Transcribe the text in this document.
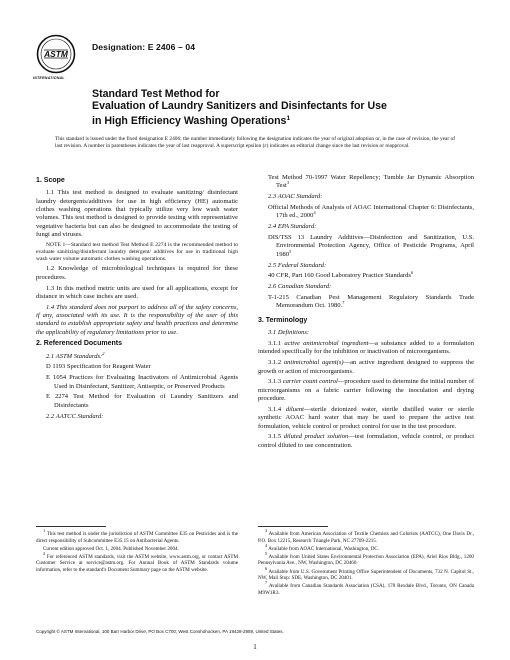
ASTM
INTERNATIONAL
Designation: E 2406 – 04
Standard Test Method for
Evaluation of Laundry Sanitizers and Disinfectants for Use
in High Efficiency Washing Operations$^1$
This standard is issued under the fixed designation E 2406; the number immediately following the designation indicates the year of original adoption or, in the case of revision, the year of last revision. A number in parentheses indicates the year of last reapproval. A superscript epsilon (ε) indicates an editorial change since the last revision or reapproval.

1. Scope

1.1 This test method is designed to evaluate sanitizing/ disinfectant laundry detergents/additives for use in high efficiency (HE) automatic clothes washing operations that typically utilize very low wash water volumes. This test method is designed to provide testing with representative vegetative bacteria but can also be designed to accommodate the testing of fungi and viruses.

NOTE 1—Standard test method Test Method E 2274 is the recommended method to evaluate sanitizing/disinfectant laundry detergent/ additives for use in traditional high wash water volume automatic clothes washing operations.

1.2 Knowledge of microbiological techniques is required for these procedures.

1.3 In this method metric units are used for all applications, except for distance in which case inches are used.

1.4 This standard does not purport to address all of the safety concerns, if any, associated with its use. It is the responsibility of the user of this standard to establish appropriate safety and health practices and determine the applicability of regulatory limitations prior to use.

2. Referenced Documents

2.1 ASTM Standards:$^2$

D 1193 Specification for Reagent Water

E 1054 Practices for Evaluating Inactivators of Antimicrobial Agents Used in Disinfectant, Sanitizer, Antiseptic, or Preserved Products

E 2274 Test Method for Evaluation of Laundry Sanitizers and Disinfectants

2.2 AATCC Standard:

Test Method 70-1997 Water Repellency; Tumble Jar Dynamic Absorption Test$^3$

2.3 AOAC Standard:

Official Methods of Analysis of AOAC International Chapter 6: Disinfectants, 17th ed., 2000$^4$

2.4 EPA Standard:

DIS/TSS 13 Laundry Additives—Disinfection and Sanitization, U.S. Environmental Protection Agency, Office of Pesticide Programs, April 1980$^5$

2.5 Federal Standard:

40 CFR, Part 160 Good Laboratory Practice Standards$^6$

2.6 Canadian Standard:

T-1-215 Canadian Pest Management Regulatory Standards Trade Memorandum Oct. 1980.$^7$

3. Terminology

3.1 Definitions:

3.1.1 active antimicrobial ingredient—a substance added to a formulation intended specifically for the inhibition or inactivation of microorganisms.

3.1.2 antimicrobial agent(s)—an active ingredient designed to suppress the growth or action of microorganisms.

3.1.3 carrier count control—procedure used to determine the initial number of microorganisms on a fabric carrier following the inoculation and drying procedure.

3.1.4 diluent—sterile deionized water, sterile distilled water or sterile synthetic AOAC hard water that may be used to prepare the active test formulation, vehicle control or product control for use in the test procedure.

3.1.5 diluted product solution—test formulation, vehicle control, or product control diluted to use concentration.

$^1$ This test method is under the jurisdiction of ASTM Committee E35 on Pesticides and is the direct responsibility of Subcommittee E35.15 on Antibacterial Agents.

Current edition approved Oct. 1, 2004. Published November 2004.

$^2$ For referenced ASTM standards, visit the ASTM website, www.astm.org, or contact ASTM Customer Service at service@astm.org. For Annual Book of ASTM Standards volume information, refer to the standard's Document Summary page on the ASTM website.

$^3$ Available from American Association of Textile Chemists and Colorists (AATCC), One Davis Dr., P.O. Box 12215, Research Triangle Park, NC 27709-2215.

$^4$ Available from AOAC International, Washington, DC.

$^5$ Available from United States Environmental Protection Association (EPA), Ariel Rios Bldg., 1200 Pennsylvania Ave., NW, Washington, DC 20460.

$^6$ Available from U.S. Government Printing Office Superintendent of Documents, 732 N. Capitol St., NW, Mail Stop: SDE, Washington, DC 20401.

$^7$ Available from Canadian Standards Association (CSA), 178 Rexdale Blvd., Toronto, ON Canada M9W1R3.

Copyright © ASTM International, 100 Barr Harbor Drive, PO Box C700, West Conshohocken, PA 19428-2959, United States.
1
